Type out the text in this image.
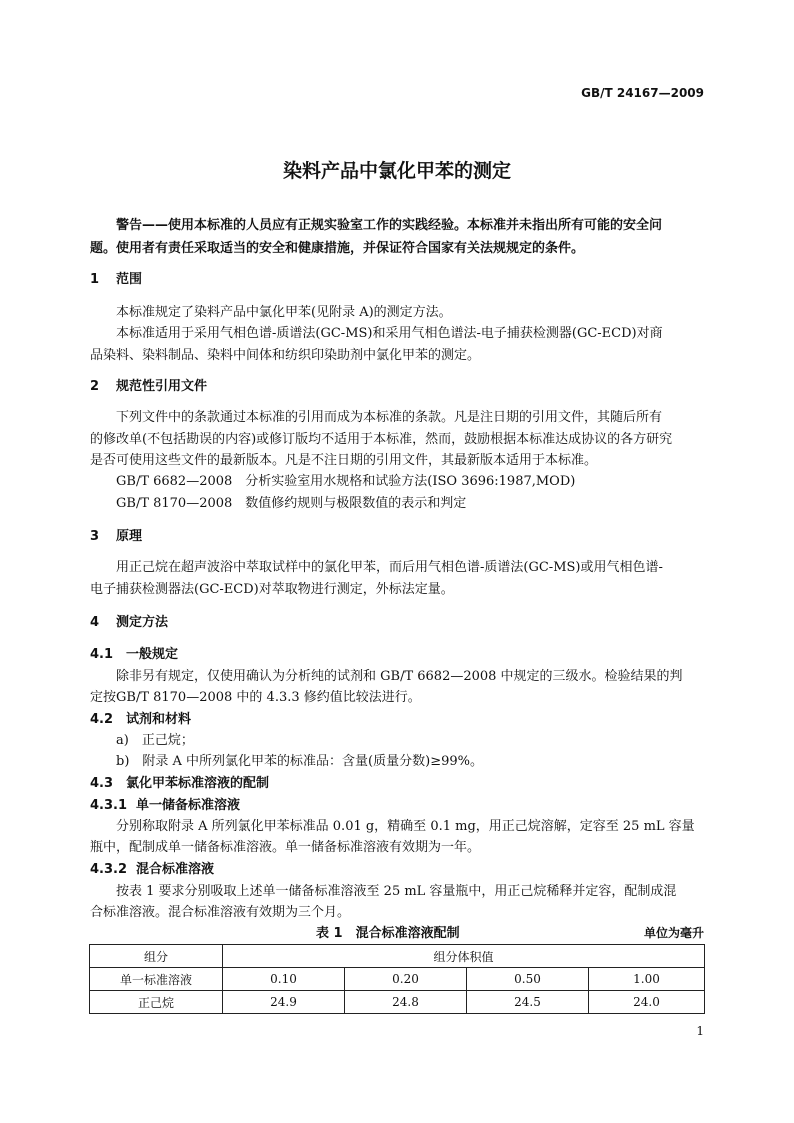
GB/T 24167—2009
染料产品中氯化甲苯的测定
警告——使用本标准的人员应有正规实验室工作的实践经验。本标准并未指出所有可能的安全问
题。使用者有责任采取适当的安全和健康措施，并保证符合国家有关法规规定的条件。
1 范围
本标准规定了染料产品中氯化甲苯(见附录 A)的测定方法。
本标准适用于采用气相色谱-质谱法(GC-MS)和采用气相色谱法-电子捕获检测器(GC-ECD)对商
品染料、染料制品、染料中间体和纺织印染助剂中氯化甲苯的测定。
2 规范性引用文件
下列文件中的条款通过本标准的引用而成为本标准的条款。凡是注日期的引用文件，其随后所有
的修改单(不包括勘误的内容)或修订版均不适用于本标准，然而，鼓励根据本标准达成协议的各方研究
是否可使用这些文件的最新版本。凡是不注日期的引用文件，其最新版本适用于本标准。
GB/T 6682—2008　分析实验室用水规格和试验方法(ISO 3696:1987,MOD)
GB/T 8170—2008　数值修约规则与极限数值的表示和判定
3 原理
用正己烷在超声波浴中萃取试样中的氯化甲苯，而后用气相色谱-质谱法(GC-MS)或用气相色谱-
电子捕获检测器法(GC-ECD)对萃取物进行测定，外标法定量。
4 测定方法
4.1 一般规定
除非另有规定，仅使用确认为分析纯的试剂和 GB/T 6682—2008 中规定的三级水。检验结果的判
定按GB/T 8170—2008 中的 4.3.3 修约值比较法进行。
4.2 试剂和材料
a)　正己烷；
b)　附录 A 中所列氯化甲苯的标准品：含量(质量分数)≥99%。
4.3 氯化甲苯标准溶液的配制
4.3.1 单一储备标准溶液
分别称取附录 A 所列氯化甲苯标准品 0.01 g，精确至 0.1 mg，用正己烷溶解，定容至 25 mL 容量
瓶中，配制成单一储备标准溶液。单一储备标准溶液有效期为一年。
4.3.2 混合标准溶液
按表 1 要求分别吸取上述单一储备标准溶液至 25 mL 容量瓶中，用正己烷稀释并定容，配制成混
合标准溶液。混合标准溶液有效期为三个月。
表 1　混合标准溶液配制	单位为毫升
组分	组分体积值			
单一标准溶液	0.10	0.20	0.50	1.00
正己烷	24.9	24.8	24.5	24.0
1
